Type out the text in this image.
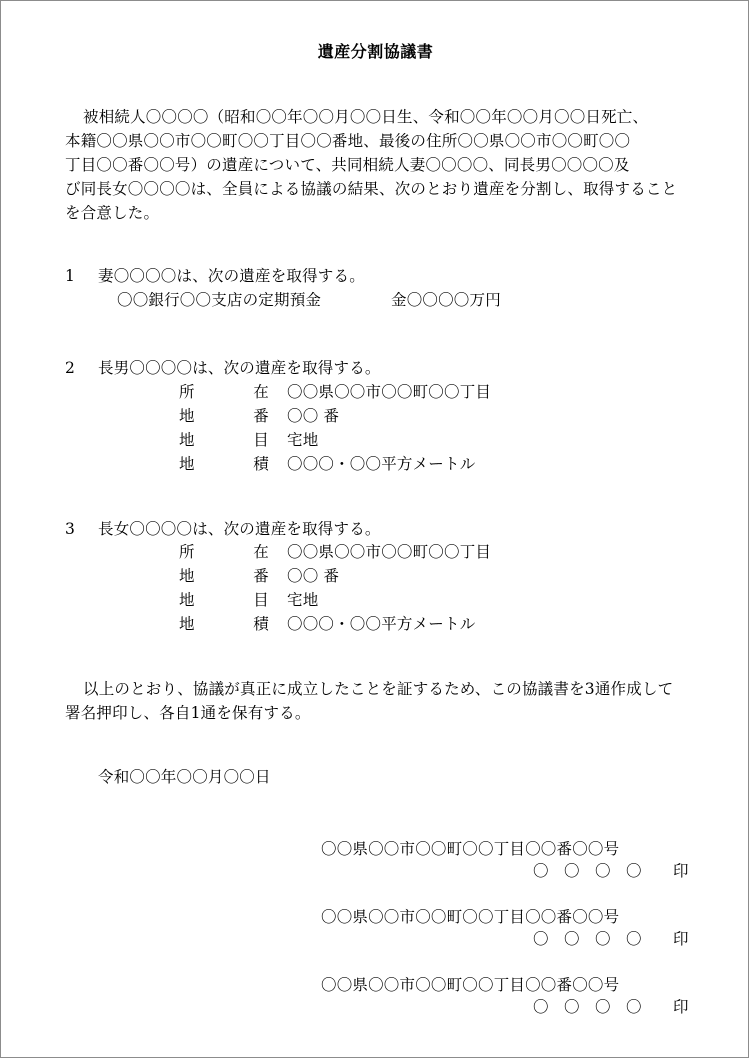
遺産分割協議書
被相続人〇〇〇〇（昭和〇〇年〇〇月〇〇日生、令和〇〇年〇〇月〇〇日死亡、
本籍〇〇県〇〇市〇〇町〇〇丁目〇〇番地、最後の住所〇〇県〇〇市〇〇町〇〇
丁目〇〇番〇〇号）の遺産について、共同相続人妻〇〇〇〇、同長男〇〇〇〇及
び同長女〇〇〇〇は、全員による協議の結果、次のとおり遺産を分割し、取得すること
を合意した。
1 妻〇〇〇〇は、次の遺産を取得する。
〇〇銀行〇〇支店の定期預金	金〇〇〇〇万円
2 長男〇〇〇〇は、次の遺産を取得する。
所	在 〇〇県〇〇市〇〇町〇〇丁目
地	番 〇〇 番
地	目 宅地
地	積 〇〇〇・〇〇平方メートル
3 長女〇〇〇〇は、次の遺産を取得する。
所	在 〇〇県〇〇市〇〇町〇〇丁目
地	番 〇〇 番
地	目 宅地
地	積 〇〇〇・〇〇平方メートル
以上のとおり、協議が真正に成立したことを証するため、この協議書を3通作成して
署名押印し、各自1通を保有する。
令和〇〇年〇〇月〇〇日
〇〇県〇〇市〇〇町〇〇丁目〇〇番〇〇号
〇　〇　〇　〇 印
〇〇県〇〇市〇〇町〇〇丁目〇〇番〇〇号
〇　〇　〇　〇 印
〇〇県〇〇市〇〇町〇〇丁目〇〇番〇〇号
〇　〇　〇　〇 印
